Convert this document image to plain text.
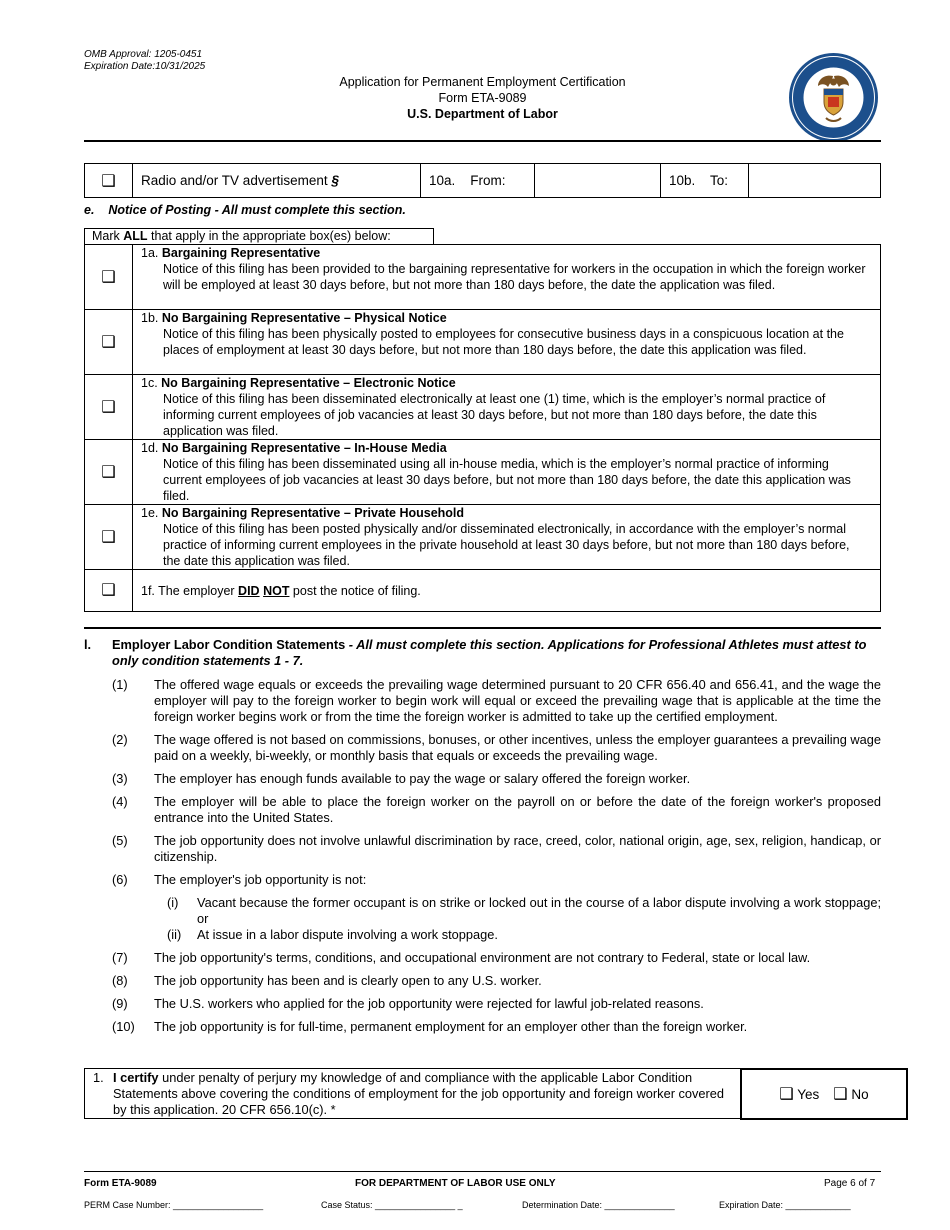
OMB Approval: 1205-0451
Expiration Date:10/31/2025
Application for Permanent Employment Certification
Form ETA-9089
U.S. Department of Labor
❑	Radio and/or TV advertisement §	10a. From:		10b. To:	
e.    Notice of Posting - All must complete this section.
Mark ALL that apply in the appropriate box(es) below:
❑	1a. Bargaining Representative
Notice of this filing has been provided to the bargaining representative for workers in the occupation in which the foreign worker will be employed at least 30 days before, but not more than 180 days before, the date the application was filed.

❑	1b. No Bargaining Representative – Physical Notice
Notice of this filing has been physically posted to employees for consecutive business days in a conspicuous location at the places of employment at least 30 days before, but not more than 180 days before, the date this application was filed.

❑	1c. No Bargaining Representative – Electronic Notice
Notice of this filing has been disseminated electronically at least one (1) time, which is the employer’s normal practice of informing current employees of job vacancies at least 30 days before, but not more than 180 days before, the date this application was filed.

❑	1d. No Bargaining Representative – In-House Media
Notice of this filing has been disseminated using all in-house media, which is the employer’s normal practice of informing current employees of job vacancies at least 30 days before, but not more than 180 days before, the date this application was filed.

❑	1e. No Bargaining Representative – Private Household
Notice of this filing has been posted physically and/or disseminated electronically, in accordance with the employer’s normal practice of informing current employees in the private household at least 30 days before, but not more than 180 days before, the date this application was filed.

❑	1f. The employer DID NOT post the notice of filing.
l. Employer Labor Condition Statements - All must complete this section. Applications for Professional Athletes must attest to only condition statements 1 - 7.
(1)	The offered wage equals or exceeds the prevailing wage determined pursuant to 20 CFR 656.40 and 656.41, and the wage the employer will pay to the foreign worker to begin work will equal or exceed the prevailing wage that is applicable at the time the foreign worker begins work or from the time the foreign worker is admitted to take up the certified employment.
(2)	The wage offered is not based on commissions, bonuses, or other incentives, unless the employer guarantees a prevailing wage paid on a weekly, bi-weekly, or monthly basis that equals or exceeds the prevailing wage.
(3)	The employer has enough funds available to pay the wage or salary offered the foreign worker.
(4)	The employer will be able to place the foreign worker on the payroll on or before the date of the foreign worker's proposed entrance into the United States.
(5)	The job opportunity does not involve unlawful discrimination by race, creed, color, national origin, age, sex, religion, handicap, or citizenship.
(6)	The employer's job opportunity is not:
(i)	Vacant because the former occupant is on strike or locked out in the course of a labor dispute involving a work stoppage; or
(ii)	At issue in a labor dispute involving a work stoppage.
(7)	The job opportunity's terms, conditions, and occupational environment are not contrary to Federal, state or local law.
(8)	The job opportunity has been and is clearly open to any U.S. worker.
(9)	The U.S. workers who applied for the job opportunity were rejected for lawful job-related reasons.
(10)	The job opportunity is for full-time, permanent employment for an employer other than the foreign worker.
1. I certify under penalty of perjury my knowledge of and compliance with the applicable Labor Condition Statements above covering the conditions of employment for the job opportunity and foreign worker covered by this application. 20 CFR 656.10(c). *
❑ Yes ❑ No
Form ETA-9089	FOR DEPARTMENT OF LABOR USE ONLY	Page 6 of 7
PERM Case Number: __________________	Case Status: ________________ _	Determination Date: ______________	Expiration Date: _____________
